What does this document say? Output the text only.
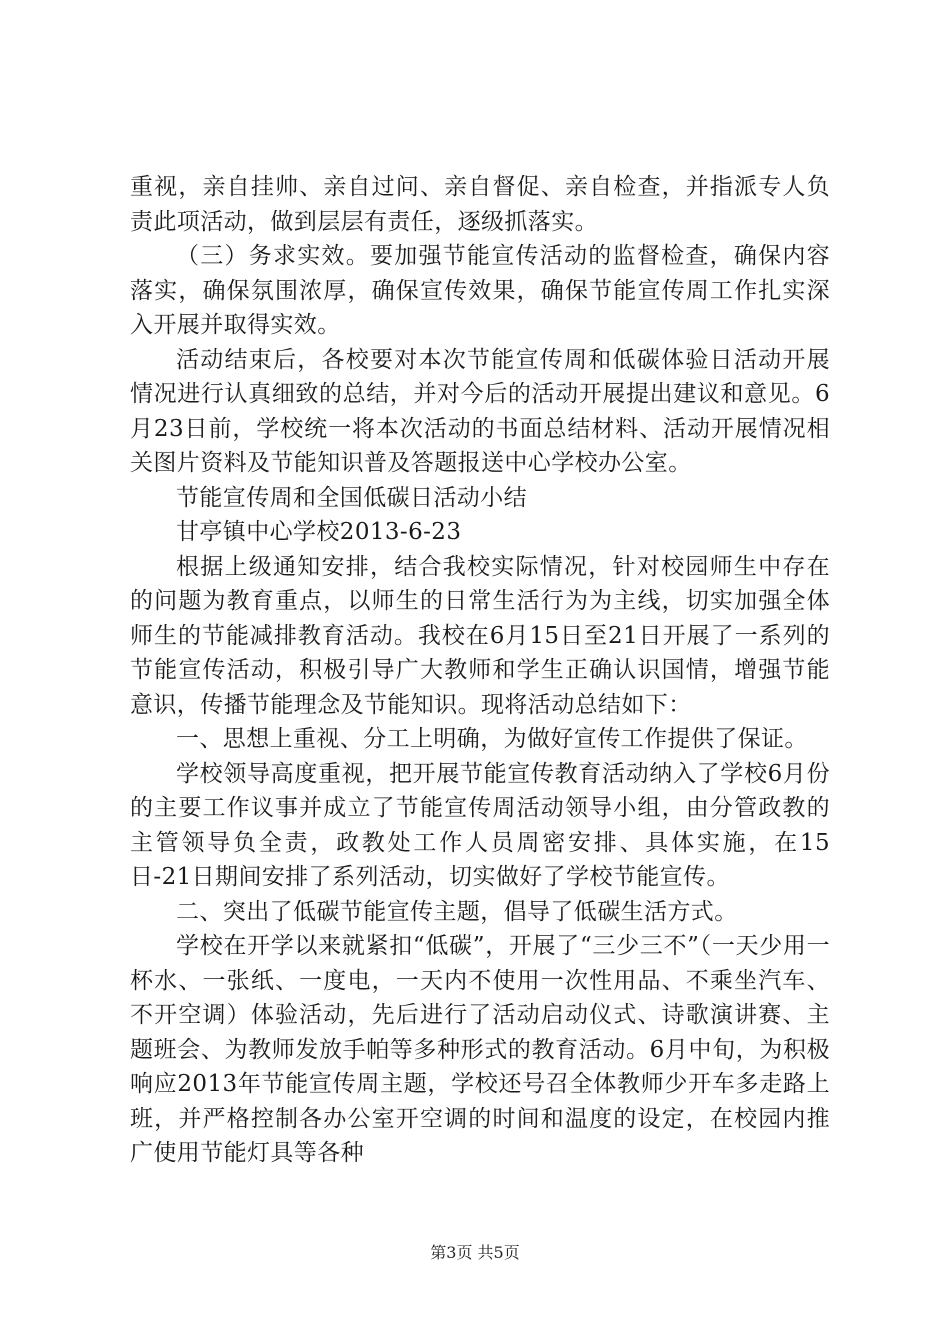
重视，亲自挂帅、亲自过问、亲自督促、亲自检查，并指派专人负责此项活动，做到层层有责任，逐级抓落实。

（三）务求实效。要加强节能宣传活动的监督检查，确保内容落实，确保氛围浓厚，确保宣传效果，确保节能宣传周工作扎实深入开展并取得实效。

活动结束后，各校要对本次节能宣传周和低碳体验日活动开展情况进行认真细致的总结，并对今后的活动开展提出建议和意见。6月23日前，学校统一将本次活动的书面总结材料、活动开展情况相关图片资料及节能知识普及答题报送中心学校办公室。

节能宣传周和全国低碳日活动小结

甘亭镇中心学校2013-6-23

根据上级通知安排，结合我校实际情况，针对校园师生中存在的问题为教育重点，以师生的日常生活行为为主线，切实加强全体师生的节能减排教育活动。我校在6月15日至21日开展了一系列的节能宣传活动，积极引导广大教师和学生正确认识国情，增强节能意识，传播节能理念及节能知识。现将活动总结如下：

一、思想上重视、分工上明确，为做好宣传工作提供了保证。

学校领导高度重视，把开展节能宣传教育活动纳入了学校6月份的主要工作议事并成立了节能宣传周活动领导小组，由分管政教的主管领导负全责，政教处工作人员周密安排、具体实施，在15日-21日期间安排了系列活动，切实做好了学校节能宣传。

二、突出了低碳节能宣传主题，倡导了低碳生活方式。

学校在开学以来就紧扣“低碳”，开展了“三少三不”（一天少用一杯水、一张纸、一度电，一天内不使用一次性用品、不乘坐汽车、不开空调）体验活动，先后进行了活动启动仪式、诗歌演讲赛、主题班会、为教师发放手帕等多种形式的教育活动。6月中旬，为积极响应2013年节能宣传周主题，学校还号召全体教师少开车多走路上班，并严格控制各办公室开空调的时间和温度的设定，在校园内推广使用节能灯具等各种

第3页 共5页
